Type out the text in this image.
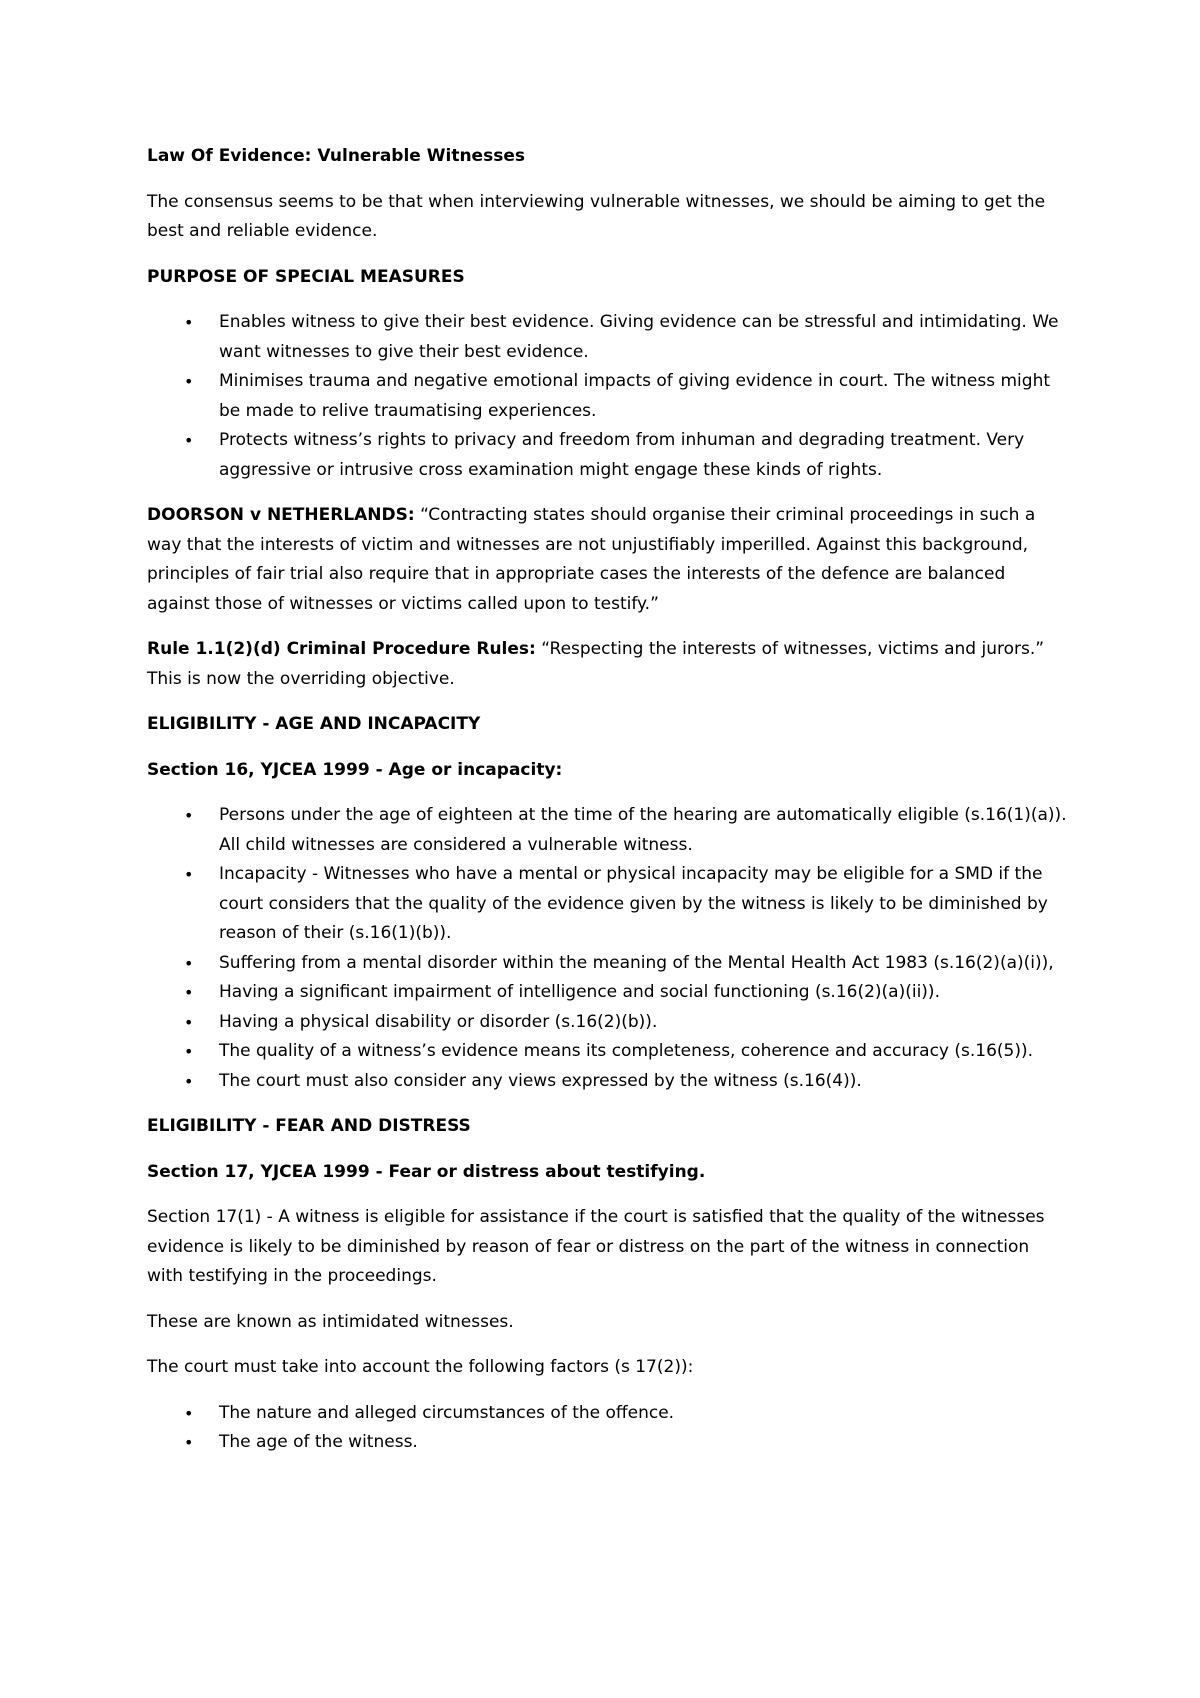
Law Of Evidence: Vulnerable Witnesses

The consensus seems to be that when interviewing vulnerable witnesses, we should be aiming to get the best and reliable evidence.

PURPOSE OF SPECIAL MEASURES

• Enables witness to give their best evidence. Giving evidence can be stressful and intimidating. We want witnesses to give their best evidence.
• Minimises trauma and negative emotional impacts of giving evidence in court. The witness might be made to relive traumatising experiences.
• Protects witness’s rights to privacy and freedom from inhuman and degrading treatment. Very aggressive or intrusive cross examination might engage these kinds of rights.

DOORSON v NETHERLANDS: “Contracting states should organise their criminal proceedings in such a way that the interests of victim and witnesses are not unjustifiably imperilled. Against this background, principles of fair trial also require that in appropriate cases the interests of the defence are balanced against those of witnesses or victims called upon to testify.”

Rule 1.1(2)(d) Criminal Procedure Rules: “Respecting the interests of witnesses, victims and jurors.” This is now the overriding objective.

ELIGIBILITY - AGE AND INCAPACITY

Section 16, YJCEA 1999 - Age or incapacity:

• Persons under the age of eighteen at the time of the hearing are automatically eligible (s.16(1)(a)). All child witnesses are considered a vulnerable witness.
• Incapacity - Witnesses who have a mental or physical incapacity may be eligible for a SMD if the court considers that the quality of the evidence given by the witness is likely to be diminished by reason of their (s.16(1)(b)).
• Suffering from a mental disorder within the meaning of the Mental Health Act 1983 (s.16(2)(a)(i)),
• Having a significant impairment of intelligence and social functioning (s.16(2)(a)(ii)).
• Having a physical disability or disorder (s.16(2)(b)).
• The quality of a witness’s evidence means its completeness, coherence and accuracy (s.16(5)).
• The court must also consider any views expressed by the witness (s.16(4)).

ELIGIBILITY - FEAR AND DISTRESS

Section 17, YJCEA 1999 - Fear or distress about testifying.

Section 17(1) - A witness is eligible for assistance if the court is satisfied that the quality of the witnesses evidence is likely to be diminished by reason of fear or distress on the part of the witness in connection with testifying in the proceedings.

These are known as intimidated witnesses.

The court must take into account the following factors (s 17(2)):

• The nature and alleged circumstances of the offence.
• The age of the witness.
